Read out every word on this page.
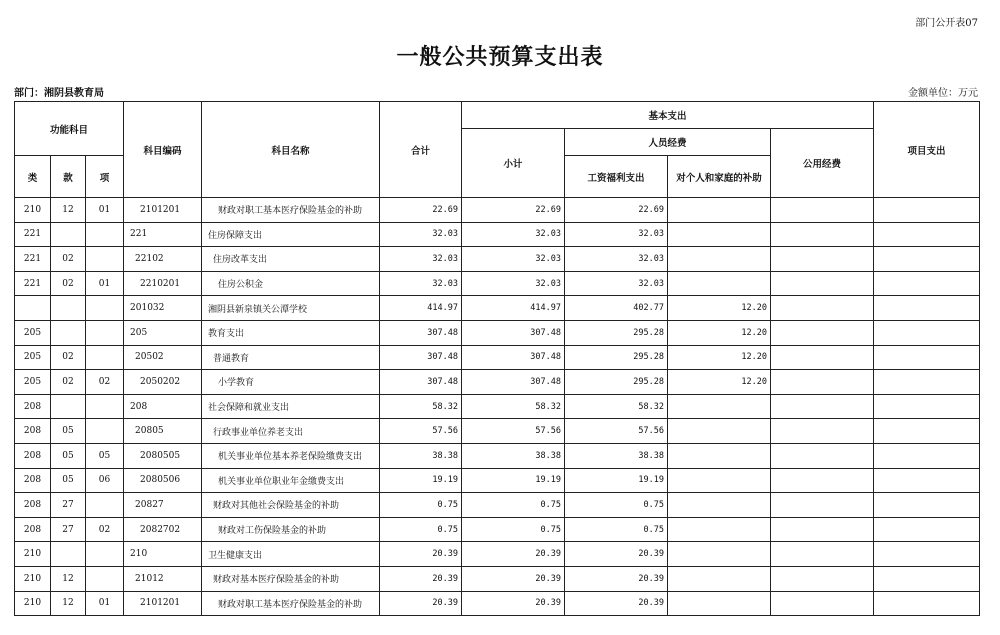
部门公开表07
一般公共预算支出表
部门：湘阴县教育局	金额单位：万元
功能科目			科目编码	科目名称	合计	基本支出				项目支出
						小计	人员经费		公用经费	
类	款	项					工资福利支出	对个人和家庭的补助		
210	12	01	2101201	财政对职工基本医疗保险基金的补助	22.69	22.69	22.69			
221			221	住房保障支出	32.03	32.03	32.03			
221	02		22102	住房改革支出	32.03	32.03	32.03			
221	02	01	2210201	住房公积金	32.03	32.03	32.03			
			201032	湘阴县新泉镇关公潭学校	414.97	414.97	402.77	12.20		
205			205	教育支出	307.48	307.48	295.28	12.20		
205	02		20502	普通教育	307.48	307.48	295.28	12.20		
205	02	02	2050202	小学教育	307.48	307.48	295.28	12.20		
208			208	社会保障和就业支出	58.32	58.32	58.32			
208	05		20805	行政事业单位养老支出	57.56	57.56	57.56			
208	05	05	2080505	机关事业单位基本养老保险缴费支出	38.38	38.38	38.38			
208	05	06	2080506	机关事业单位职业年金缴费支出	19.19	19.19	19.19			
208	27		20827	财政对其他社会保险基金的补助	0.75	0.75	0.75			
208	27	02	2082702	财政对工伤保险基金的补助	0.75	0.75	0.75			
210			210	卫生健康支出	20.39	20.39	20.39			
210	12		21012	财政对基本医疗保险基金的补助	20.39	20.39	20.39			
210	12	01	2101201	财政对职工基本医疗保险基金的补助	20.39	20.39	20.39			
